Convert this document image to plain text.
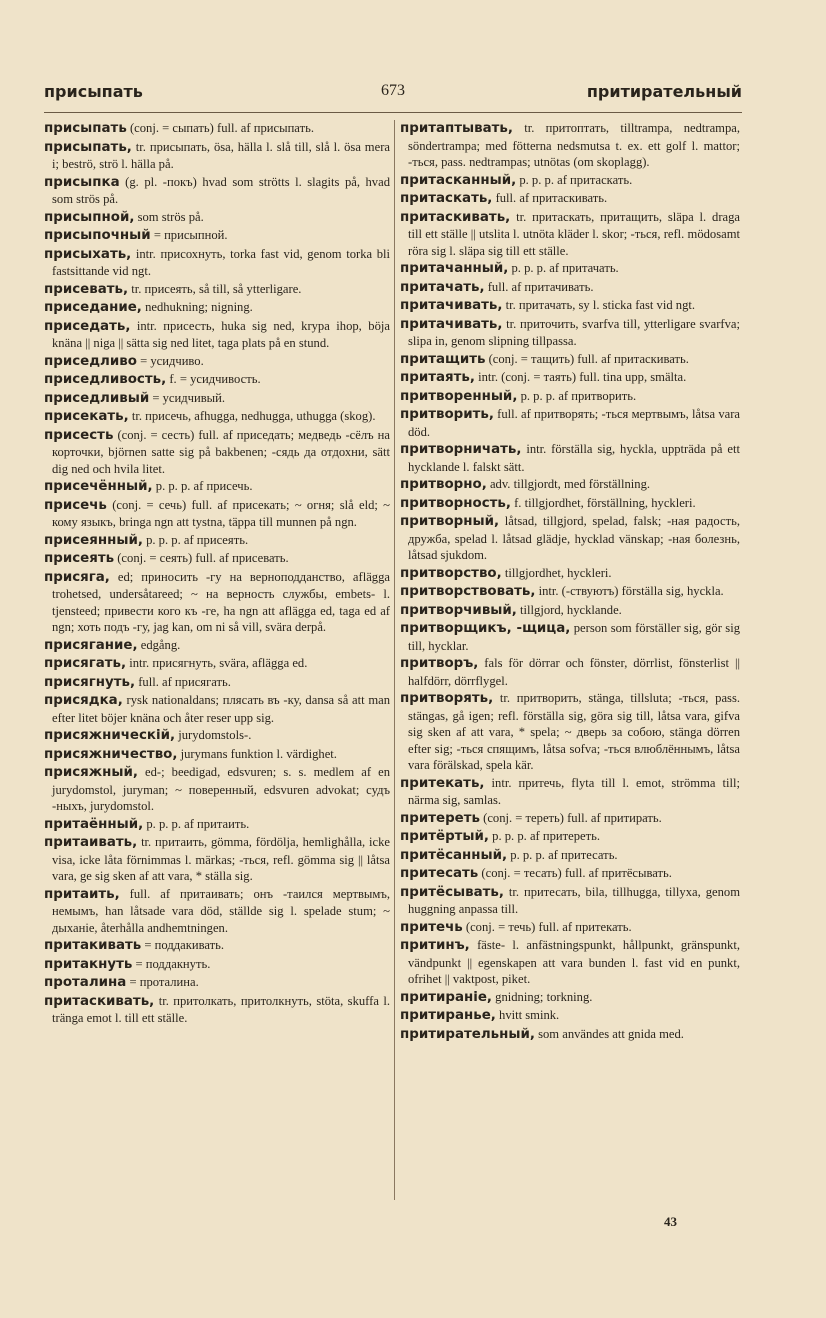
присыпать	673	притирательный

присыпать (conj. = сыпать) full. af присыпать.

присыпать, tr. присыпать, ösa, hälla l. slå till, slå l. ösa mera i; beströ, strö l. hälla på.

присыпка (g. pl. -покъ) hvad som strötts l. slagits på, hvad som strös på.

присыпной, som strös på.

присыпочный = присыпной.

присыхать, intr. присохнуть, torka fast vid, genom torka bli fastsittande vid ngt.

присевать, tr. присеять, så till, så ytterligare.

приседание, nedhukning; nigning.

приседать, intr. присесть, huka sig ned, krypa ihop, böja knäna || niga || sätta sig ned litet, taga plats på en stund.

приседливо = усидчиво.

приседливость, f. = усидчивость.

приседливый = усидчивый.

присекать, tr. присечь, afhugga, nedhugga, uthugga (skog).

присесть (conj. = сесть) full. af приседать; медведь -сёлъ на корточки, björnen satte sig på bakbenen; -сядь да отдохни, sätt dig ned och hvila litet.

присечённый, p. p. p. af присечь.

присечь (conj. = сечь) full. af присекать; ~ огня; slå eld; ~ кому языкъ, bringa ngn att tystna, täppa till munnen på ngn.

присеянный, p. p. p. af присеять.

присеять (conj. = сеять) full. af присевать.

присяга, ed; приносить -гу на верноподданство, aflägga trohetsed, undersåtareed; ~ на верность службы, embets- l. tjensteed; привести кого къ -ге, ha ngn att aflägga ed, taga ed af ngn; хоть подъ -гу, jag kan, om ni så vill, svära derpå.

присягание, edgång.

присягать, intr. присягнуть, svära, aflägga ed.

присягнуть, full. af присягать.

присядка, rysk nationaldans; плясать въ -ку, dansa så att man efter litet böjer knäna och åter reser upp sig.

присяжническій, jurydomstols-.

присяжничество, jurymans funktion l. värdighet.

присяжный, ed-; beedigad, edsvuren; s. s. medlem af en jurydomstol, juryman; ~ поверенный, edsvuren advokat; судъ -ныхъ, jurydomstol.

притаённый, p. p. p. af притаить.

притаивать, tr. притаить, gömma, fördölja, hemlighålla, icke visa, icke låta förnimmas l. märkas; -ться, refl. gömma sig || låtsa vara, ge sig sken af att vara, * ställa sig.

притаить, full. af притаивать; онъ -таился мертвымъ, немымъ, han låtsade vara död, ställde sig l. spelade stum; ~ дыханіе, återhålla andhemtningen.

притакивать = поддакивать.

притакнуть = поддакнуть.

проталина = проталина.

притаскивать, tr. притолкать, притолкнуть, stöta, skuffa l. tränga emot l. till ett ställe.

притаптывать, tr. притоптать, tilltrampa, nedtrampa, söndertrampa; med fötterna nedsmutsa t. ex. ett golf l. mattor; -ться, pass. nedtrampas; utnötas (om skoplagg).

притасканный, p. p. p. af притаскать.

притаскать, full. af притаскивать.

притаскивать, tr. притаскать, притащить, släpa l. draga till ett ställe || utslita l. utnöta kläder l. skor; -ться, refl. mödosamt röra sig l. släpa sig till ett ställe.

притачанный, p. p. p. af притачать.

притачать, full. af притачивать.

притачивать, tr. притачать, sy l. sticka fast vid ngt.

притачивать, tr. приточить, svarfva till, ytterligare svarfva; slipa in, genom slipning tillpassa.

притащить (conj. = тащить) full. af притаскивать.

притаять, intr. (conj. = таять) full. tina upp, smälta.

притворенный, p. p. p. af притворить.

притворить, full. af притворять; -ться мертвымъ, låtsa vara död.

притворничать, intr. förställa sig, hyckla, uppträda på ett hycklande l. falskt sätt.

притворно, adv. tillgjordt, med förställning.

притворность, f. tillgjordhet, förställning, hyckleri.

притворный, låtsad, tillgjord, spelad, falsk; -ная радость, дружба, spelad l. låtsad glädje, hycklad vänskap; -ная болезнь, låtsad sjukdom.

притворство, tillgjordhet, hyckleri.

притворствовать, intr. (-ствуютъ) förställa sig, hyckla.

притворчивый, tillgjord, hycklande.

притворщикъ, -щица, person som förställer sig, gör sig till, hycklar.

притворъ, fals för dörrar och fönster, dörrlist, fönsterlist || halfdörr, dörrflygel.

притворять, tr. притворить, stänga, tillsluta; -ться, pass. stängas, gå igen; refl. förställa sig, göra sig till, låtsa vara, gifva sig sken af att vara, * spela; ~ дверь за собою, stänga dörren efter sig; -ться спящимъ, låtsa sofva; -ться влюблённымъ, låtsa vara förälskad, spela kär.

притекать, intr. притечь, flyta till l. emot, strömma till; närma sig, samlas.

притереть (conj. = тереть) full. af притирать.

притёртый, p. p. p. af притереть.

притёсанный, p. p. p. af притесать.

притесать (conj. = тесать) full. af притёсывать.

притёсывать, tr. притесать, bila, tillhugga, tillyxa, genom huggning anpassa till.

притечь (conj. = течь) full. af притекать.

притинъ, fäste- l. anfästningspunkt, hållpunkt, gränspunkt, vändpunkt || egenskapen att vara bunden l. fast vid en punkt, ofrihet || vaktpost, piket.

притираніе, gnidning; torkning.

притиранье, hvitt smink.

притирательный, som användes att gnida med.

43
